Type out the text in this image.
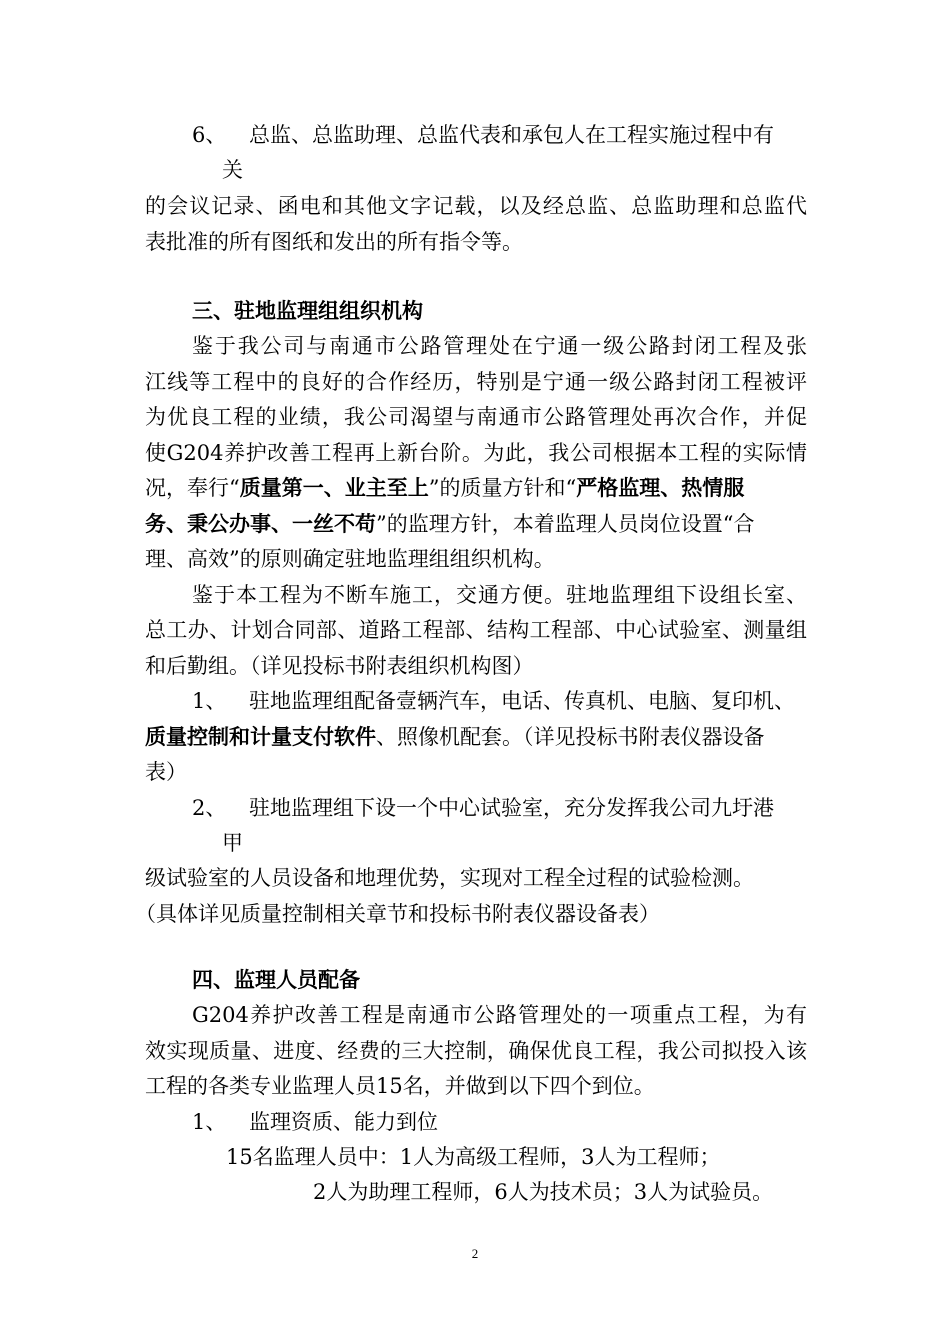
6、 总监、总监助理、总监代表和承包人在工程实施过程中有
关
的会议记录、函电和其他文字记载，以及经总监、总监助理和总监代
表批准的所有图纸和发出的所有指令等。
三、驻地监理组组织机构
鉴于我公司与南通市公路管理处在宁通一级公路封闭工程及张
江线等工程中的良好的合作经历，特别是宁通一级公路封闭工程被评
为优良工程的业绩，我公司渴望与南通市公路管理处再次合作，并促
使G204养护改善工程再上新台阶。为此，我公司根据本工程的实际情
况，奉行“质量第一、业主至上”的质量方针和“严格监理、热情服
务、秉公办事、一丝不苟”的监理方针，本着监理人员岗位设置“合
理、高效”的原则确定驻地监理组组织机构。
鉴于本工程为不断车施工，交通方便。驻地监理组下设组长室、
总工办、计划合同部、道路工程部、结构工程部、中心试验室、测量组
和后勤组。（详见投标书附表组织机构图）
1、 驻地监理组配备壹辆汽车，电话、传真机、电脑、复印机、
质量控制和计量支付软件、照像机配套。（详见投标书附表仪器设备
表）
2、 驻地监理组下设一个中心试验室，充分发挥我公司九圩港
甲
级试验室的人员设备和地理优势，实现对工程全过程的试验检测。
（具体详见质量控制相关章节和投标书附表仪器设备表）
四、监理人员配备
G204养护改善工程是南通市公路管理处的一项重点工程，为有
效实现质量、进度、经费的三大控制，确保优良工程，我公司拟投入该
工程的各类专业监理人员15名，并做到以下四个到位。
1、 监理资质、能力到位
15名监理人员中：1人为高级工程师，3人为工程师；
2人为助理工程师，6人为技术员；3人为试验员。
2
